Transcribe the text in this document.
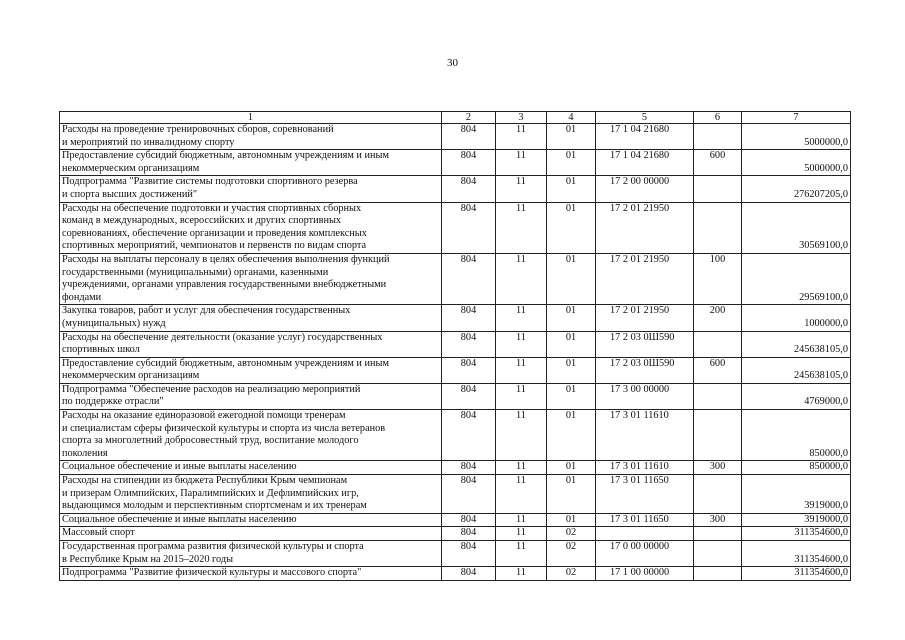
30
1	2	3	4	5	6	7
Расходы на проведение тренировочных сборов, соревнований
и мероприятий по инвалидному спорту	804	11	01	17 1 04 21680		5000000,0
Предоставление субсидий бюджетным, автономным учреждениям и иным
некоммерческим организациям	804	11	01	17 1 04 21680	600	5000000,0
Подпрограмма "Развитие системы подготовки спортивного резерва
и спорта высших достижений"	804	11	01	17 2 00 00000		276207205,0
Расходы на обеспечение подготовки и участия спортивных сборных
команд в международных, всероссийских и других спортивных
соревнованиях, обеспечение организации и проведения комплексных
спортивных мероприятий, чемпионатов и первенств по видам спорта	804	11	01	17 2 01 21950		30569100,0
Расходы на выплаты персоналу в целях обеспечения выполнения функций
государственными (муниципальными) органами, казенными
учреждениями, органами управления государственными внебюджетными
фондами	804	11	01	17 2 01 21950	100	29569100,0
Закупка товаров, работ и услуг для обеспечения государственных
(муниципальных) нужд	804	11	01	17 2 01 21950	200	1000000,0
Расходы на обеспечение деятельности (оказание услуг) государственных
спортивных школ	804	11	01	17 2 03 0Ш590		245638105,0
Предоставление субсидий бюджетным, автономным учреждениям и иным
некоммерческим организациям	804	11	01	17 2 03 0Ш590	600	245638105,0
Подпрограмма "Обеспечение расходов на реализацию мероприятий
по поддержке отрасли"	804	11	01	17 3 00 00000		4769000,0
Расходы на оказание единоразовой ежегодной помощи тренерам
и специалистам сферы физической культуры и спорта из числа ветеранов
спорта за многолетний добросовестный труд, воспитание молодого
поколения	804	11	01	17 3 01 11610		850000,0
Социальное обеспечение и иные выплаты населению	804	11	01	17 3 01 11610	300	850000,0
Расходы на стипендии из бюджета Республики Крым чемпионам
и призерам Олимпийских, Паралимпийских и Дефлимпийских игр,
выдающимся молодым и перспективным спортсменам и их тренерам	804	11	01	17 3 01 11650		3919000,0
Социальное обеспечение и иные выплаты населению	804	11	01	17 3 01 11650	300	3919000,0
Массовый спорт	804	11	02			311354600,0
Государственная программа развития физической культуры и спорта
в Республике Крым на 2015–2020 годы	804	11	02	17 0 00 00000		311354600,0
Подпрограмма "Развитие физической культуры и массового спорта"	804	11	02	17 1 00 00000		311354600,0
